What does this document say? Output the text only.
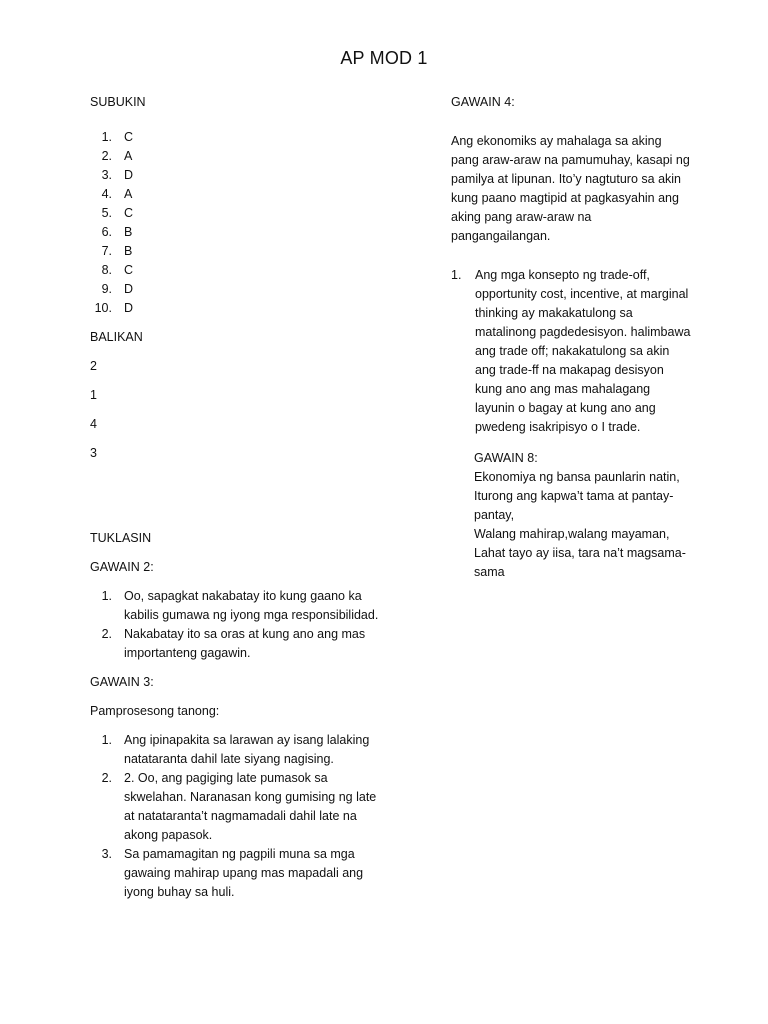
AP MOD 1

SUBUKIN

1. C
2. A
3. D
4. A
5. C
6. B
7. B
8. C
9. D
10. D

BALIKAN

2

1

4

3

TUKLASIN

GAWAIN 2:

1. Oo, sapagkat nakabatay ito kung gaano ka kabilis gumawa ng iyong mga responsibilidad.
2. Nakabatay ito sa oras at kung ano ang mas importanteng gagawin.

GAWAIN 3:

Pamprosesong tanong:

1. Ang ipinapakita sa larawan ay isang lalaking natataranta dahil late siyang nagising.
2. 2. Oo, ang pagiging late pumasok sa skwelahan. Naranasan kong gumising ng late at natataranta’t nagmamadali dahil late na akong papasok.
3. Sa pamamagitan ng pagpili muna sa mga gawaing mahirap upang mas mapadali ang iyong buhay sa huli.

GAWAIN 4:

Ang ekonomiks ay mahalaga sa aking pang araw-araw na pamumuhay, kasapi ng pamilya at lipunan. Ito’y nagtuturo sa akin kung paano magtipid at pagkasyahin ang aking pang araw-araw na pangangailangan.

1.	Ang mga konsepto ng trade-off, opportunity cost, incentive, at marginal thinking ay makakatulong sa matalinong pagdedesisyon. halimbawa ang trade off; nakakatulong sa akin ang trade-ff na makapag desisyon kung ano ang mas mahalagang layunin o bagay at kung ano ang pwedeng isakripisyo o I trade.

GAWAIN 8:

Ekonomiya ng bansa paunlarin natin,

Iturong ang kapwa’t tama at pantay-pantay,

Walang mahirap,walang mayaman,

Lahat tayo ay iisa, tara na’t magsama-sama
